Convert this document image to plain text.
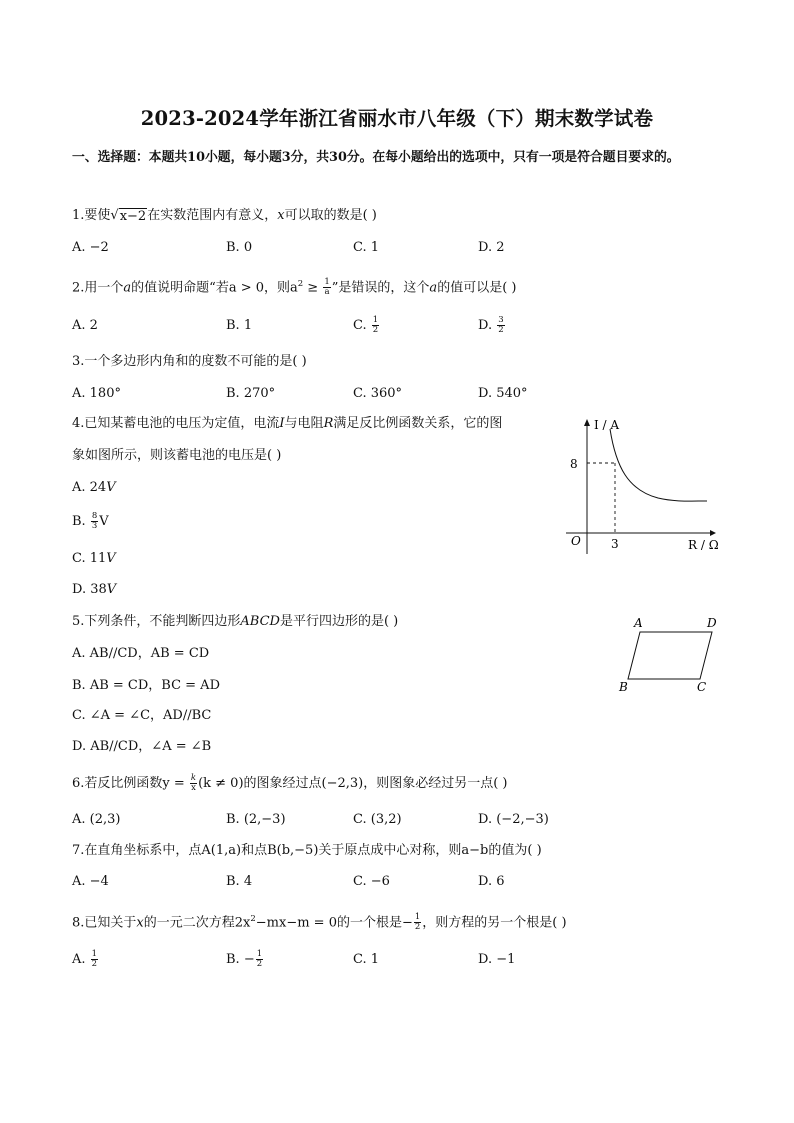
2023-2024学年浙江省丽水市八年级（下）期末数学试卷
一、选择题：本题共10小题，每小题3分，共30分。在每小题给出的选项中，只有一项是符合题目要求的。
1.要使 √ x−2 在实数范围内有意义，x可以取的数是( )
A. −2	B. 0	C. 1	D. 2
2.用一个a的值说明命题“若a > 0，则$a^2 \ge \frac{1}{a}$ ”是错误的，这个a的值可以是( )
A. 2	B. 1	C. $\frac{1}{2}$	D. $\frac{3}{2}$
3.一个多边形内角和的度数不可能的是( )
A. 180°	B. 270°	C. 360°	D. 540°
4.已知某蓄电池的电压为定值，电流I与电阻R满足反比例函数关系，它的图
象如图所示，则该蓄电池的电压是( )
A. 24V
B. $\frac{8}{3}$ V
C. 11V
D. 38V
I / A
R / Ω
O
8
3
5.下列条件，不能判断四边形ABCD是平行四边形的是( )
A. AB//CD，AB = CD
B. AB = CD，BC = AD
C. ∠A = ∠C，AD//BC
D. AB//CD，∠A = ∠B
A	D
B	C
6.若反比例函数$y = \frac{k}{x} (k \ne 0)$的图象经过点(−2,3)，则图象必经过另一点( )
A. (2,3)	B. (2,−3)	C. (3,2)	D. (−2,−3)
7.在直角坐标系中，点A(1,a)和点B(b,−5)关于原点成中心对称，则a−b的值为( )
A. −4	B. 4	C. −6	D. 6
8.已知关于x的一元二次方程$2x^2-mx-m = 0$的一个根是− $\frac{1}{2}$ ，则方程的另一个根是( )
A. $\frac{1}{2}$	B. − $\frac{1}{2}$	C. 1	D. −1
